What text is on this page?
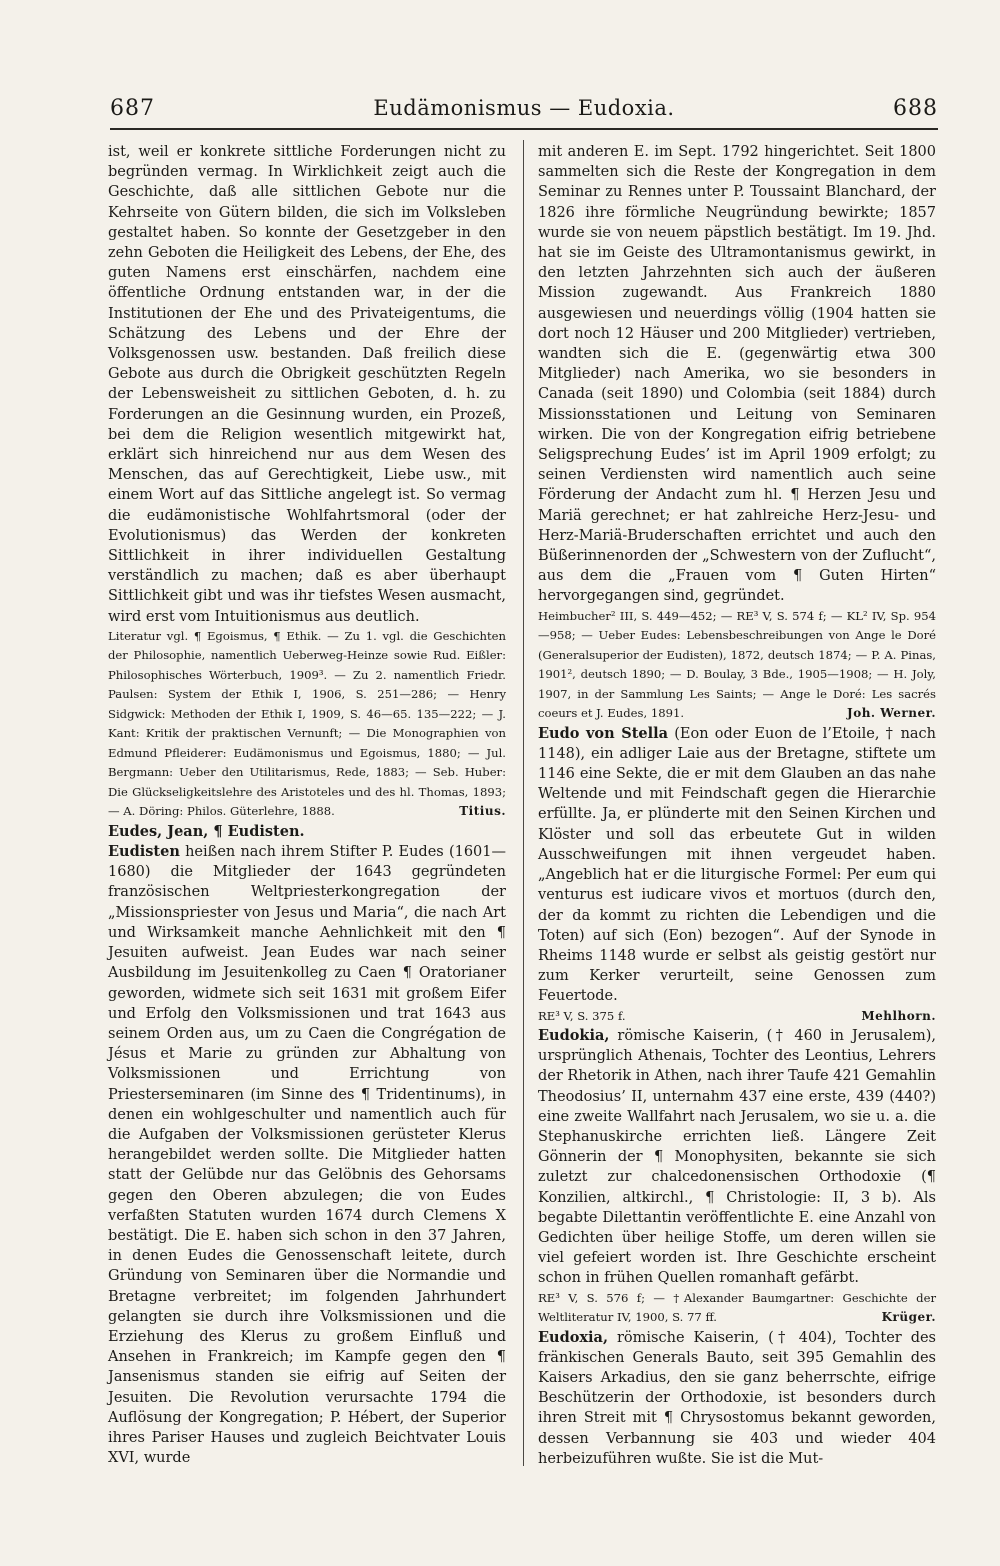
687	Eudämonismus — Eudoxia.	688

ist, weil er konkrete sittliche Forderungen nicht zu begründen vermag. In Wirklichkeit zeigt auch die Geschichte, daß alle sittlichen Gebote nur die Kehrseite von Gütern bilden, die sich im Volksleben gestaltet haben. So konnte der Gesetzgeber in den zehn Geboten die Heiligkeit des Lebens, der Ehe, des guten Namens erst einschärfen, nachdem eine öffentliche Ordnung entstanden war, in der die Institutionen der Ehe und des Privateigentums, die Schätzung des Lebens und der Ehre der Volksgenossen usw. bestanden. Daß freilich diese Gebote aus durch die Obrigkeit geschützten Regeln der Lebensweisheit zu sittlichen Geboten, d. h. zu Forderungen an die Gesinnung wurden, ein Prozeß, bei dem die Religion wesentlich mitgewirkt hat, erklärt sich hinreichend nur aus dem Wesen des Menschen, das auf Gerechtigkeit, Liebe usw., mit einem Wort auf das Sittliche angelegt ist. So vermag die eudämonistische Wohlfahrtsmoral (oder der Evolutionismus) das Werden der konkreten Sittlichkeit in ihrer individuellen Gestaltung verständlich zu machen; daß es aber überhaupt Sittlichkeit gibt und was ihr tiefstes Wesen ausmacht, wird erst vom Intuitionismus aus deutlich.

Literatur vgl. ¶ Egoismus, ¶ Ethik. — Zu 1. vgl. die Geschichten der Philosophie, namentlich Ueberweg-Heinze sowie Rud. Eißler: Philosophisches Wörterbuch, 1909³. — Zu 2. namentlich Friedr. Paulsen: System der Ethik I, 1906, S. 251—286; — Henry Sidgwick: Methoden der Ethik I, 1909, S. 46—65. 135—222; — J. Kant: Kritik der praktischen Vernunft; — Die Monographien von Edmund Pfleiderer: Eudämonismus und Egoismus, 1880; — Jul. Bergmann: Ueber den Utilitarismus, Rede, 1883; — Seb. Huber: Die Glückseligkeitslehre des Aristoteles und des hl. Thomas, 1893; — A. Döring: Philos. Güterlehre, 1888.	Titius.

Eudes, Jean, ¶ Eudisten.

Eudisten heißen nach ihrem Stifter P. Eudes (1601—1680) die Mitglieder der 1643 gegründeten französischen Weltpriesterkongregation der „Missionspriester von Jesus und Maria“, die nach Art und Wirksamkeit manche Aehnlichkeit mit den ¶ Jesuiten aufweist. Jean Eudes war nach seiner Ausbildung im Jesuitenkolleg zu Caen ¶ Oratorianer geworden, widmete sich seit 1631 mit großem Eifer und Erfolg den Volksmissionen und trat 1643 aus seinem Orden aus, um zu Caen die Congrégation de Jésus et Marie zu gründen zur Abhaltung von Volksmissionen und Errichtung von Priesterseminaren (im Sinne des ¶ Tridentinums), in denen ein wohlgeschulter und namentlich auch für die Aufgaben der Volksmissionen gerüsteter Klerus herangebildet werden sollte. Die Mitglieder hatten statt der Gelübde nur das Gelöbnis des Gehorsams gegen den Oberen abzulegen; die von Eudes verfaßten Statuten wurden 1674 durch Clemens X bestätigt. Die E. haben sich schon in den 37 Jahren, in denen Eudes die Genossenschaft leitete, durch Gründung von Seminaren über die Normandie und Bretagne verbreitet; im folgenden Jahrhundert gelangten sie durch ihre Volksmissionen und die Erziehung des Klerus zu großem Einfluß und Ansehen in Frankreich; im Kampfe gegen den ¶ Jansenismus standen sie eifrig auf Seiten der Jesuiten. Die Revolution verursachte 1794 die Auflösung der Kongregation; P. Hébert, der Superior ihres Pariser Hauses und zugleich Beichtvater Louis XVI, wurde

mit anderen E. im Sept. 1792 hingerichtet. Seit 1800 sammelten sich die Reste der Kongregation in dem Seminar zu Rennes unter P. Toussaint Blanchard, der 1826 ihre förmliche Neugründung bewirkte; 1857 wurde sie von neuem päpstlich bestätigt. Im 19. Jhd. hat sie im Geiste des Ultramontanismus gewirkt, in den letzten Jahrzehnten sich auch der äußeren Mission zugewandt. Aus Frankreich 1880 ausgewiesen und neuerdings völlig (1904 hatten sie dort noch 12 Häuser und 200 Mitglieder) vertrieben, wandten sich die E. (gegenwärtig etwa 300 Mitglieder) nach Amerika, wo sie besonders in Canada (seit 1890) und Colombia (seit 1884) durch Missionsstationen und Leitung von Seminaren wirken. Die von der Kongregation eifrig betriebene Seligsprechung Eudes’ ist im April 1909 erfolgt; zu seinen Verdiensten wird namentlich auch seine Förderung der Andacht zum hl. ¶ Herzen Jesu und Mariä gerechnet; er hat zahlreiche Herz-Jesu- und Herz-Mariä-Bruderschaften errichtet und auch den Büßerinnenorden der „Schwestern von der Zuflucht“, aus dem die „Frauen vom ¶ Guten Hirten“ hervorgegangen sind, gegründet.

Heimbucher² III, S. 449—452; — RE³ V, S. 574 f; — KL² IV, Sp. 954—958; — Ueber Eudes: Lebensbeschreibungen von Ange le Doré (Generalsuperior der Eudisten), 1872, deutsch 1874; — P. A. Pinas, 1901², deutsch 1890; — D. Boulay, 3 Bde., 1905—1908; — H. Joly, 1907, in der Sammlung Les Saints; — Ange le Doré: Les sacrés coeurs et J. Eudes, 1891.	Joh. Werner.

Eudo von Stella (Eon oder Euon de l’Etoile, † nach 1148), ein adliger Laie aus der Bretagne, stiftete um 1146 eine Sekte, die er mit dem Glauben an das nahe Weltende und mit Feindschaft gegen die Hierarchie erfüllte. Ja, er plünderte mit den Seinen Kirchen und Klöster und soll das erbeutete Gut in wilden Ausschweifungen mit ihnen vergeudet haben. „Angeblich hat er die liturgische Formel: Per eum qui venturus est iudicare vivos et mortuos (durch den, der da kommt zu richten die Lebendigen und die Toten) auf sich (Eon) bezogen“. Auf der Synode in Rheims 1148 wurde er selbst als geistig gestört nur zum Kerker verurteilt, seine Genossen zum Feuertode.

RE³ V, S. 375 f.	Mehlhorn.

Eudokia, römische Kaiserin, († 460 in Jerusalem), ursprünglich Athenais, Tochter des Leontius, Lehrers der Rhetorik in Athen, nach ihrer Taufe 421 Gemahlin Theodosius’ II, unternahm 437 eine erste, 439 (440?) eine zweite Wallfahrt nach Jerusalem, wo sie u. a. die Stephanuskirche errichten ließ. Längere Zeit Gönnerin der ¶ Monophysiten, bekannte sie sich zuletzt zur chalcedonensischen Orthodoxie (¶ Konzilien, altkirchl., ¶ Christologie: II, 3 b). Als begabte Dilettantin veröffentlichte E. eine Anzahl von Gedichten über heilige Stoffe, um deren willen sie viel gefeiert worden ist. Ihre Geschichte erscheint schon in frühen Quellen romanhaft gefärbt.

RE³ V, S. 576 f; — †Alexander Baumgartner: Geschichte der Weltliteratur IV, 1900, S. 77 ff.	Krüger.

Eudoxia, römische Kaiserin, († 404), Tochter des fränkischen Generals Bauto, seit 395 Gemahlin des Kaisers Arkadius, den sie ganz beherrschte, eifrige Beschützerin der Orthodoxie, ist besonders durch ihren Streit mit ¶ Chrysostomus bekannt geworden, dessen Verbannung sie 403 und wieder 404 herbeizuführen wußte. Sie ist die Mut-
